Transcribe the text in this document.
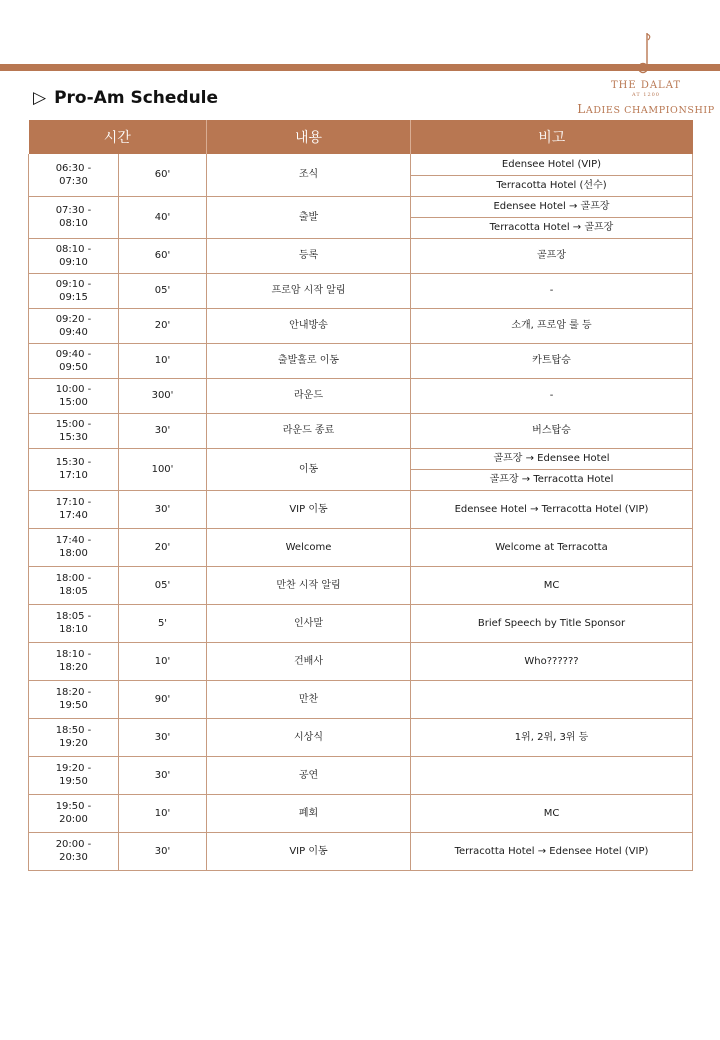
THE DALAT
AT 1200
LADIES CHAMPIONSHIP
▷ Pro-Am Schedule
시간		내용	비고
06:30 - 07:30	60'	조식	Edensee Hotel (VIP)
			Terracotta Hotel (선수)
07:30 - 08:10	40'	출발	Edensee Hotel → 골프장
			Terracotta Hotel → 골프장
08:10 - 09:10	60'	등록	골프장
09:10 - 09:15	05'	프로암 시작 알림	-
09:20 - 09:40	20'	안내방송	소개, 프로암 룰 등
09:40 - 09:50	10'	출발홀로 이동	카트탑승
10:00 - 15:00	300'	라운드	-
15:00 - 15:30	30'	라운드 종료	버스탑승
15:30 - 17:10	100'	이동	골프장 → Edensee Hotel
			골프장 → Terracotta Hotel
17:10 - 17:40	30'	VIP 이동	Edensee Hotel → Terracotta Hotel (VIP)
17:40 - 18:00	20'	Welcome	Welcome at Terracotta
18:00 - 18:05	05'	만찬 시작 알림	MC
18:05 - 18:10	5'	인사말	Brief Speech by Title Sponsor
18:10 - 18:20	10'	건배사	Who??????
18:20 - 19:50	90'	만찬	
18:50 - 19:20	30'	시상식	1위, 2위, 3위 등
19:20 - 19:50	30'	공연	
19:50 - 20:00	10'	폐회	MC
20:00 - 20:30	30'	VIP 이동	Terracotta Hotel → Edensee Hotel (VIP)
